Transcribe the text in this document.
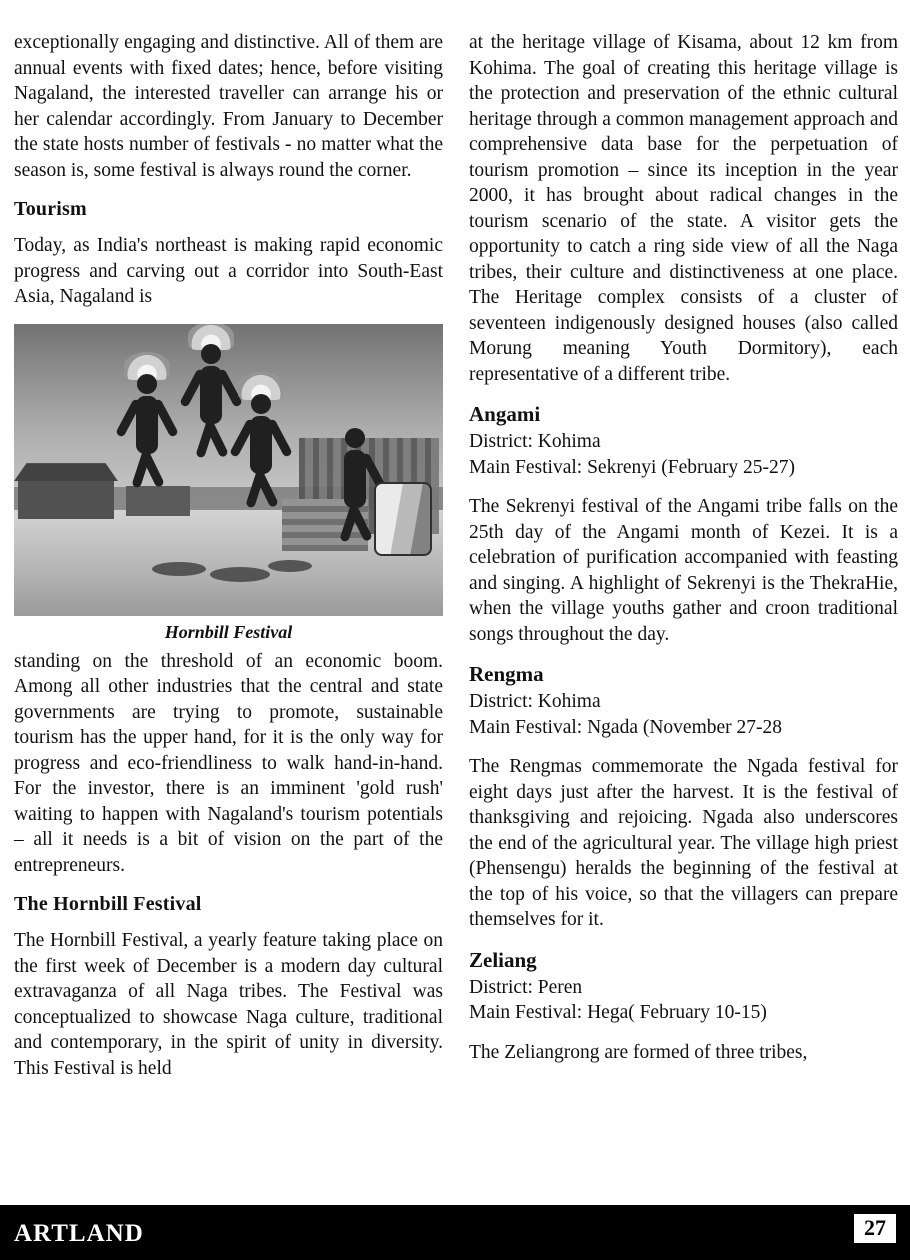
exceptionally engaging and distinctive. All of them are annual events with fixed dates; hence, before visiting Nagaland, the interested traveller can arrange his or her calendar accordingly. From January to December the state hosts number of festivals - no matter what the season is, some festival is always round the corner.

Tourism

Today, as India's northeast is making rapid economic progress and carving out a corridor into South-East Asia, Nagaland is

Hornbill Festival

standing on the threshold of an economic boom. Among all other industries that the central and state governments are trying to promote, sustainable tourism has the upper hand, for it is the only way for progress and eco-friendliness to walk hand-in-hand. For the investor, there is an imminent 'gold rush' waiting to happen with Nagaland's tourism potentials – all it needs is a bit of vision on the part of the entrepreneurs.

The Hornbill Festival

The Hornbill Festival, a yearly feature taking place on the first week of December is a modern day cultural extravaganza of all Naga tribes. The Festival was conceptualized to showcase Naga culture, traditional and contemporary, in the spirit of unity in diversity. This Festival is held

at the heritage village of Kisama, about 12 km from Kohima. The goal of creating this heritage village is the protection and preservation of the ethnic cultural heritage through a common management approach and comprehensive data base for the perpetuation of tourism promotion – since its inception in the year 2000, it has brought about radical changes in the tourism scenario of the state. A visitor gets the opportunity to catch a ring side view of all the Naga tribes, their culture and distinctiveness at one place. The Heritage complex consists of a cluster of seventeen indigenously designed houses (also called Morung meaning Youth Dormitory), each representative of a different tribe.

Angami

District: Kohima

Main Festival: Sekrenyi (February 25-27)

The Sekrenyi festival of the Angami tribe falls on the 25th day of the Angami month of Kezei. It is a celebration of purification accompanied with feasting and singing. A highlight of Sekrenyi is the ThekraHie, when the village youths gather and croon traditional songs throughout the day.

Rengma

District: Kohima

Main Festival: Ngada (November 27-28

The Rengmas commemorate the Ngada festival for eight days just after the harvest. It is the festival of thanksgiving and rejoicing. Ngada also underscores the end of the agricultural year. The village high priest (Phensengu) heralds the beginning of the festival at the top of his voice, so that the villagers can prepare themselves for it.

Zeliang

District: Peren

Main Festival: Hega( February 10-15)

The Zeliangrong are formed of three tribes,

ARTLAND	27
